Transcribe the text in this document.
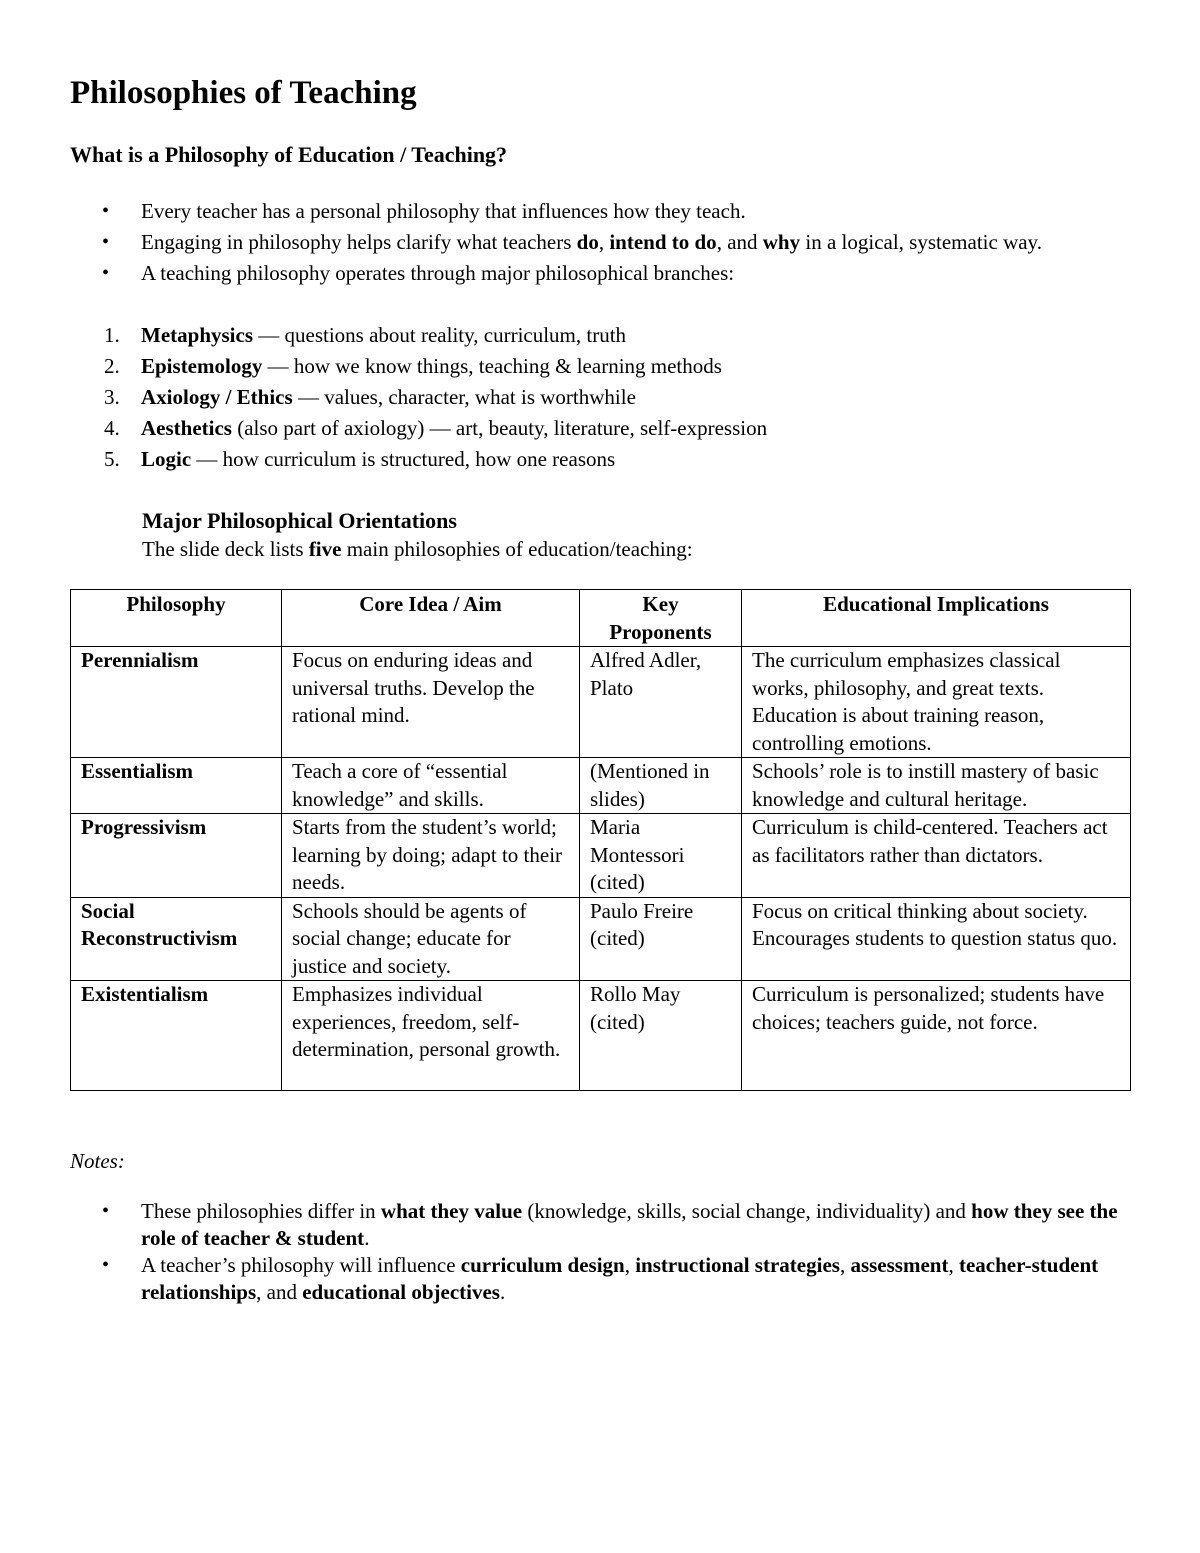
Philosophies of Teaching
What is a Philosophy of Education / Teaching?
• Every teacher has a personal philosophy that influences how they teach.
• Engaging in philosophy helps clarify what teachers do, intend to do, and why in a logical, systematic way.
• A teaching philosophy operates through major philosophical branches:
1. Metaphysics — questions about reality, curriculum, truth
2. Epistemology — how we know things, teaching & learning methods
3. Axiology / Ethics — values, character, what is worthwhile
4. Aesthetics (also part of axiology) — art, beauty, literature, self-expression
5. Logic — how curriculum is structured, how one reasons
Major Philosophical Orientations

The slide deck lists five main philosophies of education/teaching:

Philosophy	Core Idea / Aim	Key Proponents	Educational Implications
Perennialism	Focus on enduring ideas and universal truths. Develop the rational mind.	Alfred Adler, Plato	The curriculum emphasizes classical works, philosophy, and great texts. Education is about training reason, controlling emotions.
Essentialism	Teach a core of “essential knowledge” and skills.	(Mentioned in slides)	Schools’ role is to instill mastery of basic knowledge and cultural heritage.
Progressivism	Starts from the student’s world; learning by doing; adapt to their needs.	Maria Montessori (cited)	Curriculum is child-centered. Teachers act as facilitators rather than dictators.
Social Reconstructivism	Schools should be agents of social change; educate for justice and society.	Paulo Freire (cited)	Focus on critical thinking about society. Encourages students to question status quo.
Existentialism	Emphasizes individual experiences, freedom, self-determination, personal growth.	Rollo May (cited)	Curriculum is personalized; students have choices; teachers guide, not force.

Notes:

• These philosophies differ in what they value (knowledge, skills, social change, individuality) and how they see the role of teacher & student.
• A teacher’s philosophy will influence curriculum design, instructional strategies, assessment, teacher-student relationships, and educational objectives.
